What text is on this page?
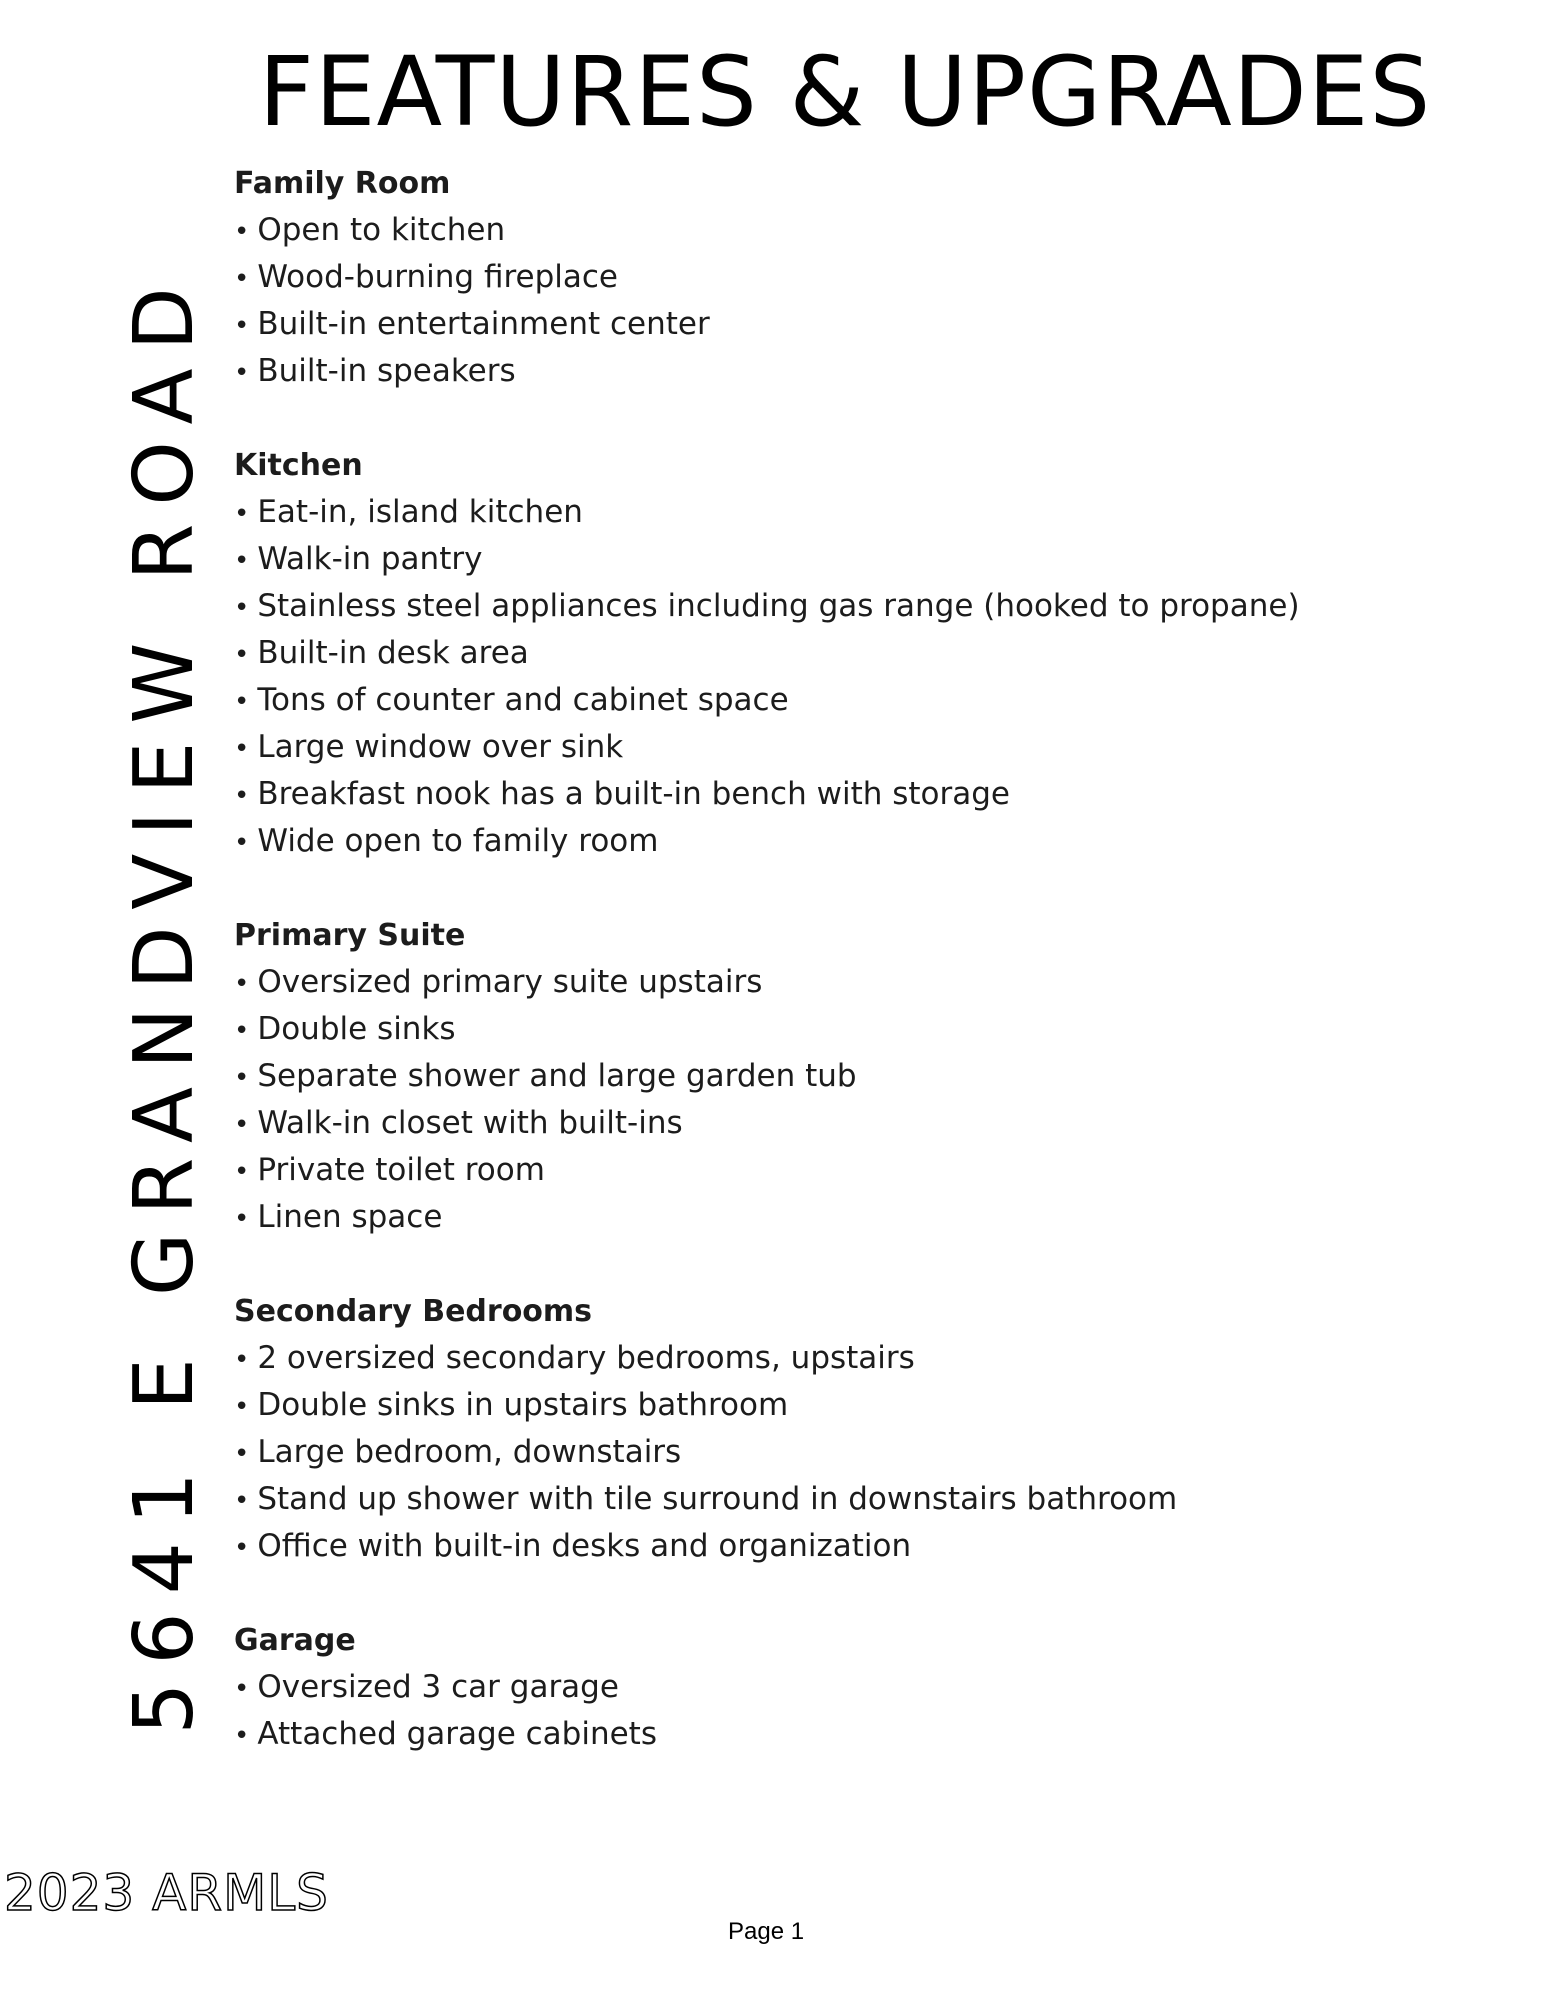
FEATURES & UPGRADES
5641 E GRANDVIEW ROAD
Family Room
• Open to kitchen
• Wood-burning fireplace
• Built-in entertainment center
• Built-in speakers
Kitchen
• Eat-in, island kitchen
• Walk-in pantry
• Stainless steel appliances including gas range (hooked to propane)
• Built-in desk area
• Tons of counter and cabinet space
• Large window over sink
• Breakfast nook has a built-in bench with storage
• Wide open to family room
Primary Suite
• Oversized primary suite upstairs
• Double sinks
• Separate shower and large garden tub
• Walk-in closet with built-ins
• Private toilet room
• Linen space
Secondary Bedrooms
• 2 oversized secondary bedrooms, upstairs
• Double sinks in upstairs bathroom
• Large bedroom, downstairs
• Stand up shower with tile surround in downstairs bathroom
• Office with built-in desks and organization
Garage
• Oversized 3 car garage
• Attached garage cabinets
2023 ARMLS
Page 1
